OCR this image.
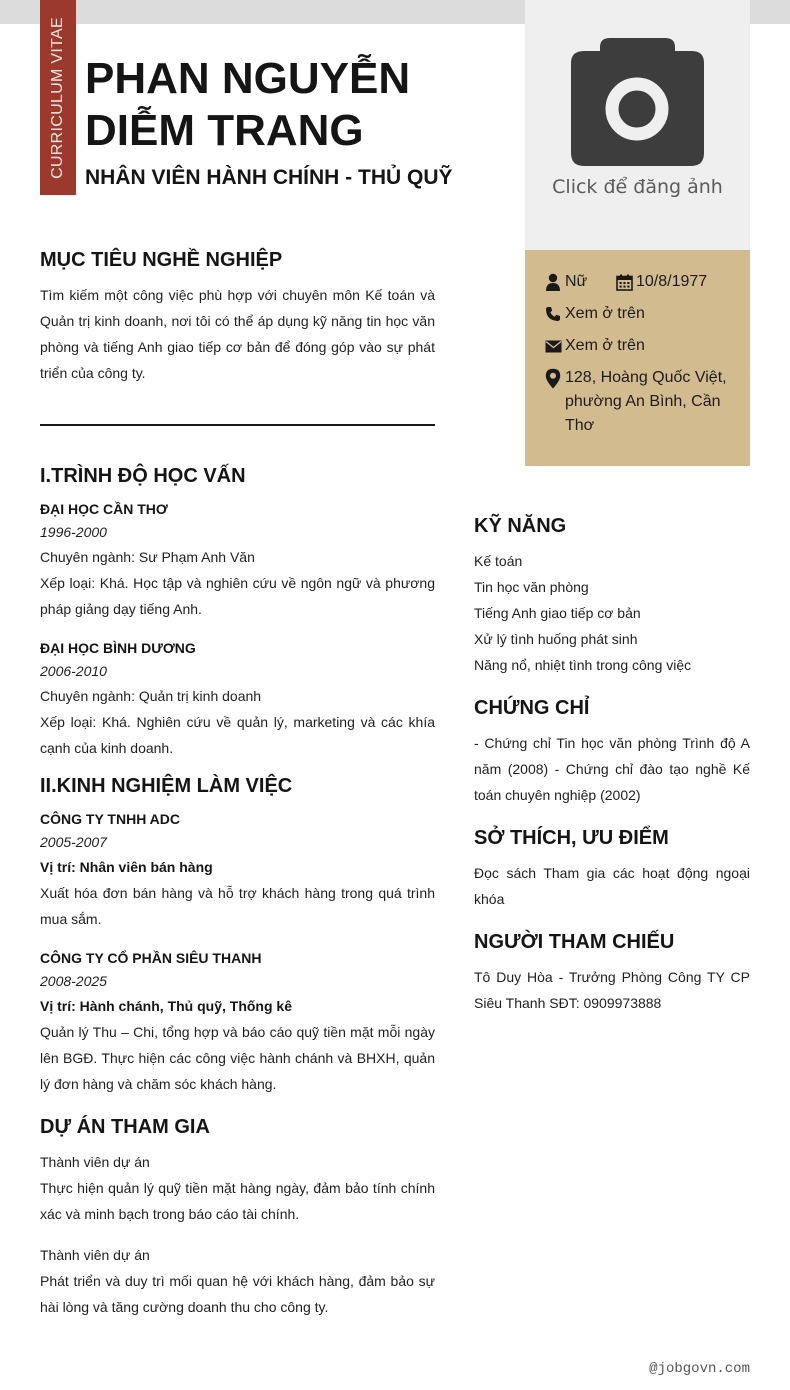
CURRICULUM VITAE PHAN NGUYỄN
DIỄM TRANG
NHÂN VIÊN HÀNH CHÍNH - THỦ QUỸ	Click để đăng ảnh
Nữ	10/8/1977
Xem ở trên
Xem ở trên
128, Hoàng Quốc Việt, phường An Bình, Cần Thơ
MỤC TIÊU NGHỀ NGHIỆP
Tìm kiếm một công việc phù hợp với chuyên môn Kế toán và Quản trị kinh doanh, nơi tôi có thể áp dụng kỹ năng tin học văn phòng và tiếng Anh giao tiếp cơ bản để đóng góp vào sự phát triển của công ty.
I.TRÌNH ĐỘ HỌC VẤN
ĐẠI HỌC CẦN THƠ
1996-2000
Chuyên ngành: Sư Phạm Anh Văn
Xếp loại: Khá. Học tập và nghiên cứu về ngôn ngữ và phương pháp giảng dạy tiếng Anh.
ĐẠI HỌC BÌNH DƯƠNG
2006-2010
Chuyên ngành: Quản trị kinh doanh
Xếp loại: Khá. Nghiên cứu về quản lý, marketing và các khía cạnh của kinh doanh.
II.KINH NGHIỆM LÀM VIỆC
CÔNG TY TNHH ADC
2005-2007
Vị trí: Nhân viên bán hàng
Xuất hóa đơn bán hàng và hỗ trợ khách hàng trong quá trình mua sắm.
CÔNG TY CỔ PHẦN SIÊU THANH
2008-2025
Vị trí: Hành chánh, Thủ quỹ, Thống kê
Quản lý Thu – Chi, tổng hợp và báo cáo quỹ tiền mặt mỗi ngày lên BGĐ. Thực hiện các công việc hành chánh và BHXH, quản lý đơn hàng và chăm sóc khách hàng.
DỰ ÁN THAM GIA
Thành viên dự án
Thực hiện quản lý quỹ tiền mặt hàng ngày, đảm bảo tính chính xác và minh bạch trong báo cáo tài chính.
Thành viên dự án
Phát triển và duy trì mối quan hệ với khách hàng, đảm bảo sự hài lòng và tăng cường doanh thu cho công ty.
KỸ NĂNG
Kế toán
Tin học văn phòng
Tiếng Anh giao tiếp cơ bản
Xử lý tình huống phát sinh
Năng nổ, nhiệt tình trong công việc
CHỨNG CHỈ
- Chứng chỉ Tin học văn phòng Trình độ A năm (2008) - Chứng chỉ đào tạo nghề Kế toán chuyên nghiệp (2002)
SỞ THÍCH, ƯU ĐIỂM
Đọc sách Tham gia các hoạt động ngoại khóa
NGƯỜI THAM CHIẾU
Tô Duy Hòa - Trưởng Phòng Công TY CP Siêu Thanh SĐT: 0909973888
@jobgovn.com
